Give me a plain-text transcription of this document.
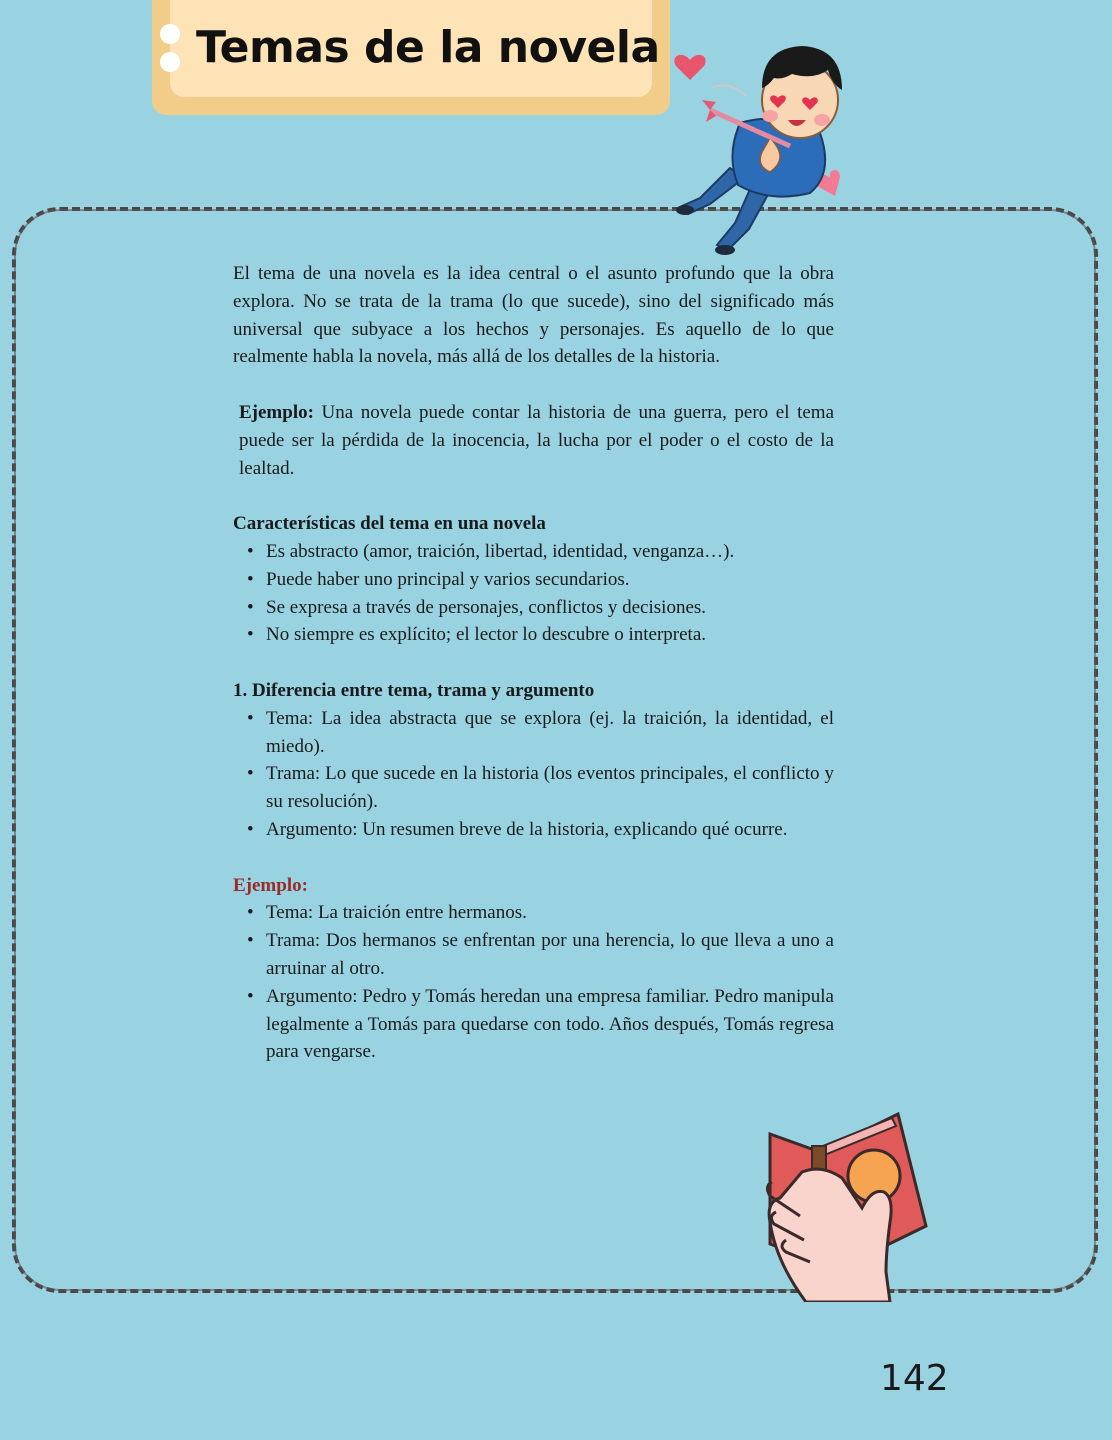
Temas de la novela

El tema de una novela es la idea central o el asunto profundo que la obra explora. No se trata de la trama (lo que sucede), sino del significado más universal que subyace a los hechos y personajes. Es aquello de lo que realmente habla la novela, más allá de los detalles de la historia.

Ejemplo: Una novela puede contar la historia de una guerra, pero el tema puede ser la pérdida de la inocencia, la lucha por el poder o el costo de la lealtad.

Características del tema en una novela

• Es abstracto (amor, traición, libertad, identidad, venganza…).
• Puede haber uno principal y varios secundarios.
• Se expresa a través de personajes, conflictos y decisiones.
• No siempre es explícito; el lector lo descubre o interpreta.

1. Diferencia entre tema, trama y argumento

• Tema: La idea abstracta que se explora (ej. la traición, la identidad, el miedo).
• Trama: Lo que sucede en la historia (los eventos principales, el conflicto y su resolución).
• Argumento: Un resumen breve de la historia, explicando qué ocurre.

Ejemplo:

• Tema: La traición entre hermanos.
• Trama: Dos hermanos se enfrentan por una herencia, lo que lleva a uno a arruinar al otro.
• Argumento: Pedro y Tomás heredan una empresa familiar. Pedro manipula legalmente a Tomás para quedarse con todo. Años después, Tomás regresa para vengarse.
142
